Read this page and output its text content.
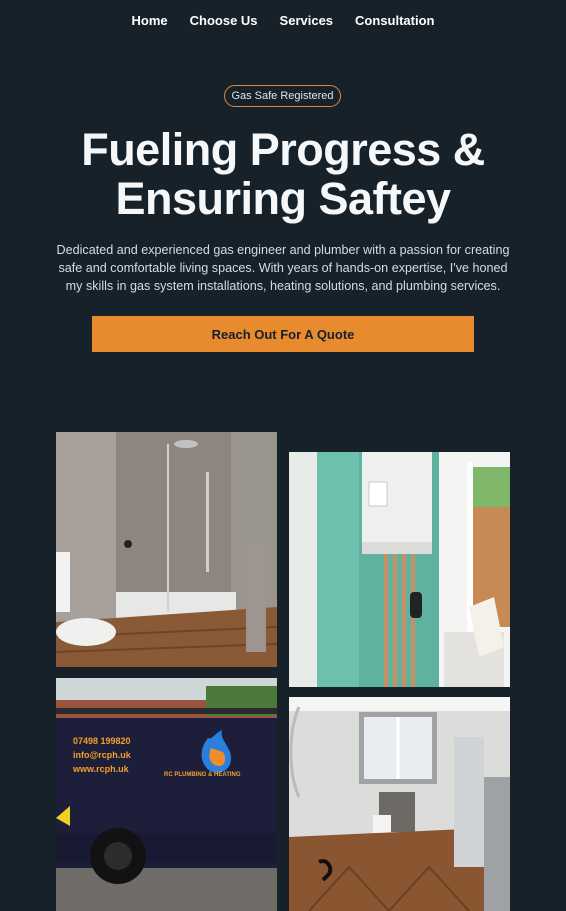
Home Choose Us Services Consultation
Gas Safe Registered
Fueling Progress &
Ensuring Saftey

Dedicated and experienced gas engineer and plumber with a passion for creating safe and comfortable living spaces. With years of hands-on expertise, I've honed my skills in gas system installations, heating solutions, and plumbing services.

Reach Out For A Quote
07498 199820
info@rcph.uk
www.rcph.uk
RC PLUMBING & HEATING
